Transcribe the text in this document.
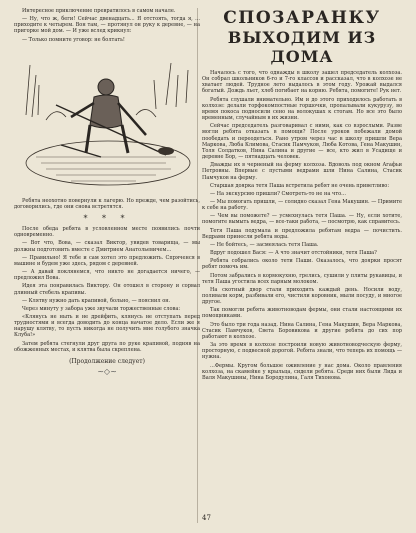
Интересное приключение превратилось в самом начале.

— Ну, что ж, беги! Сейчас двенадцать... Я отстоять, тогда я, ... приходите к четырем. Вон там, — протянул он руку к деревне, — на пригорке мой дом. — И уже вслед крикнул:

— Только помните уговор: не болтать!

Ребята неохотно повернули к лагерю. Но прежде, чем разойтись, договорились, где они снова встретятся.

* * *

После обеда ребята в условленном месте появились почти одновременно.

— Вот что, Вова, — сказал Виктор, увидев товарища, — мы должны подготовить вместе с Дмитрием Анатольевичем...

— Правильно! Я тебе и сам хотел это предложить. Спряченся в машине и будем уже здесь, рядом с деревней.

— А давай поклянемся, что никто не догадается ничего, — предложил Вова.

Идея эта понравилась Виктору. Он отошел в сторону и сорвал длинный стебель крапивы.

— Клятву нужно дать крапивой, больно, — пояснил он.

Через минуту у забора уже звучали торжественные слова:

«Клянусь не ныть и не дрейфить, клянусь не отступать перед трудностями и всегда доводить до конца начатое дело. Если же я нарушу клятву, то пусть никогда не получить мне голубого значка Клуба!»

Затем ребята стегнули друг друга по руке крапивой, подняв на обожженных местах, и клятва была скреплена.

(Продолжение следует)

~◇~
СПОЗАРАНКУ
ВЫХОДИМ ИЗ ДОМА

Началось с того, что однажды в школу зашел председатель колхоза. Он собрал школьников 6-го и 7-го классов и рассказал, что в колхозе не хватает людей. Трудное лето выдалось в этом году. Урожай выдался богатый. Дождь льет, хлеб погибает на корню. Ребята, помогите! Рук нет.

Ребята слушали внимательно. Им и до этого приходилось работать в колхозе: делали торфокомпостные горшочки, пропалывали кукурузу, во время покоса подносили сено на волокушах к стогам. Но все это было временным, случайным в их жизни.

Сейчас председатель разговаривал с ними, как со взрослыми. Разве могли ребята отказать в помощи? После уроков побежали домой пообедать и переодеться. Рано утром через час в школу пришли Вера Маркова, Люба Климова, Стасик Памчуков, Люба Котова, Гена Макушин, Толя Солдатков, Нина Салина и другие — все, кто жил в Усадище и деревне Бор, — пятнадцать человек.

Дважды их в черненый на ферму колхоза. Вдоволь под окном Агафьи Петровны. Впервые с пустыми ведрами шли Нина Салина, Стасик Памчуков на ферму.

Старшая доярка тетя Паша встретила ребят не очень приветливо:

— На экскурсию пришли? Смотреть-то не на что...

— Мы помогать пришли, — солидно сказал Гена Макушин. — Примите к себе на работу.

— Чем вы поможете? — усмехнулась тетя Паша. — Ну, если хотите, помогите вымыть ведра, — все-таки работа, — посмотрю, как справитесь.

Тетя Паша подумала и предложила ребятам ведра — почистить. Ведрами принесли ребята воды.

— Не бойтесь, — засмеялась тетя Паша.

Вдруг подошел Вася: — А что значит отстойники, тетя Паша?

Ребята собрались около тети Паши. Оказалось, что доярки просят ребят помочь им.

Потом забрались в кормокухню, грелись, сушили у плиты рукавицы, и тетя Паша угостила всех парным молоком.

На скотный двор стали приходить каждый день. Носили воду, поливали корм, разбивали его, чистили коровник, мыли посуду, и многое другое.

Так помогли ребята животноводам фермы, они стали настоящими их помощниками.

Это было три года назад. Нина Салина, Гена Макушин, Вера Маркова, Стасик Памчуков, Света Боровикова и другие ребята до сих пор работают в колхозе.

За это время в колхозе построили новую животноводческую ферму, просторную, с подвесной дорогой. Ребята знали, что теперь их помощь — нужна.

...Фермы. Кругом большое оживление у нас дома. Около правления колхоза, на скамейке у крыльца, сидели ребята. Среди них были Лида и Валя Макушины, Нина Бородулина, Галя Тихонова.

47
